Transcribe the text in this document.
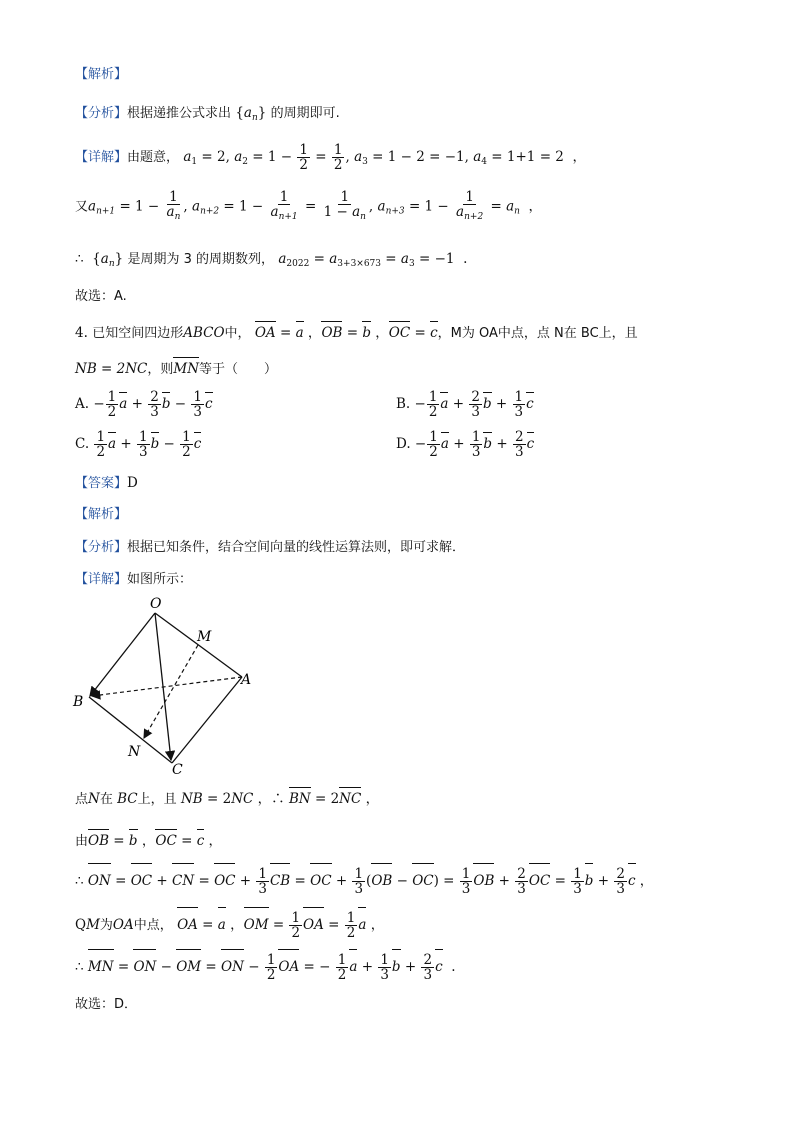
【解析】
【分析】根据递推公式求出 $\{a_n\}$ 的周期即可.
【详解】由题意， $a_1 = 2$, $a_2 = 1 - \frac{1}{2} = \frac{1}{2}$ , $a_3 = 1 - 2 = -1$, $a_4 = 1+1 = 2$  ，
又$a_{n+1} = 1 - \frac{1}{a_n}$ , $a_{n+2} = 1 - \frac{1}{a_{n+1}} = \frac{1}{1 - a_n}$ , $a_{n+3} = 1 - \frac{1}{a_{n+2}} = a_n$  ，
∴  $\{a_n\}$ 是周期为 3 的周期数列， $a_{2022} = a_{3+3\times 673} = a_3 = -1$  .
故选：A.
4. 已知空间四边形ABCO中， OA = a ，OB = b ，OC = c，M为 OA中点，点 N在 BC上，且
NB = 2NC，则MN等于（　　）
A. − $\frac{1}{2}$ $a + \frac{2}{3}$ $b - \frac{1}{3}$ c	B. − $\frac{1}{2}$ $a + \frac{2}{3}$ $b + \frac{1}{3}$ c
C. $\frac{1}{2}$ $a + \frac{1}{3}$ $b - \frac{1}{2}$ c	D. − $\frac{1}{2}$ $a + \frac{1}{3}$ $b + \frac{2}{3}$ c
【答案】D
【解析】
【分析】根据已知条件，结合空间向量的线性运算法则，即可求解．
【详解】如图所示：
O
M
A
B
N
C
点N在 BC上，且 NB = 2NC ，∴ BN = 2NC ，
由OB = b ，OC = c ，
∴ ON = OC + CN = OC + $\frac{1}{3}$ CB = OC + $\frac{1}{3} (OB - OC) = \frac{1}{3}$ OB + $\frac{2}{3}$ OC = $\frac{1}{3}$ $b + \frac{2}{3}$ c ，
QM为OA中点， OA = a ，OM = $\frac{1}{2}$ OA = $\frac{1}{2}$ a ，
∴ MN = ON − OM = ON − $\frac{1}{2}$ OA = − $\frac{1}{2}$ $a + \frac{1}{3}$ $b + \frac{2}{3}$ c  .
故选：D．
